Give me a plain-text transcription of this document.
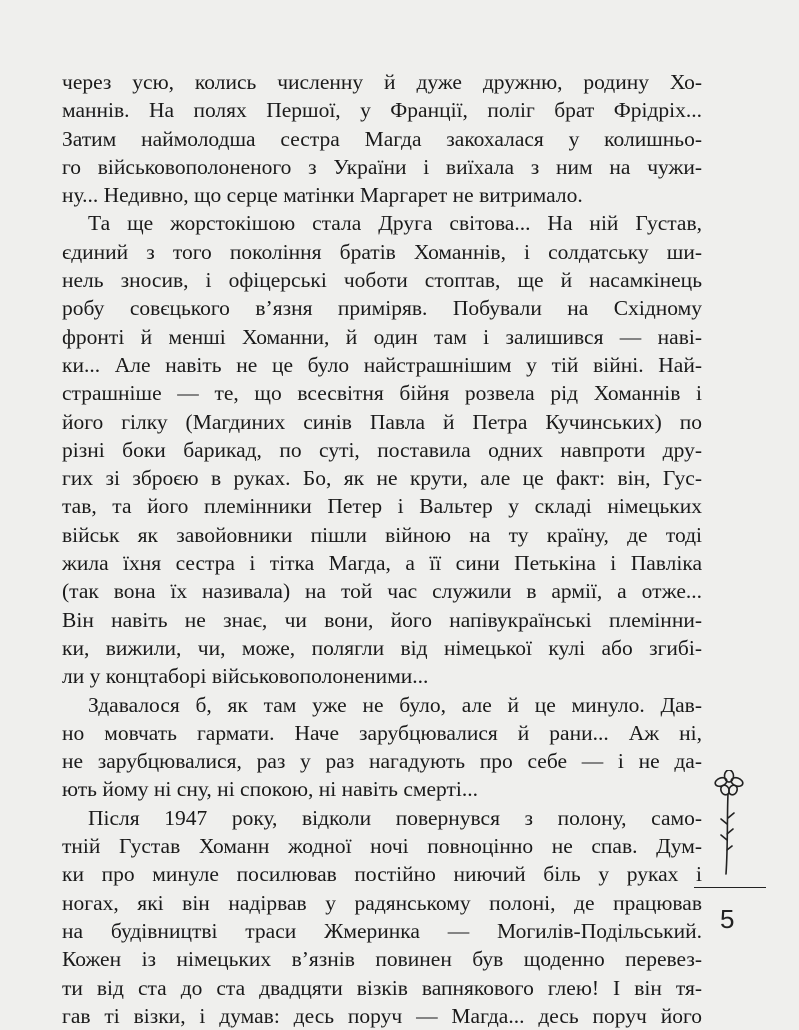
через усю, колись численну й дуже дружню, родину Хо-
маннів. На полях Першої, у Франції, поліг брат Фрідріх...
Затим наймолодша сестра Магда закохалася у колишньо-
го військовополоненого з України і виїхала з ним на чужи-
ну... Недивно, що серце матінки Маргарет не витримало.
Та ще жорстокішою стала Друга світова... На ній Густав,
єдиний з того покоління братів Хоманнів, і солдатську ши-
нель зносив, і офіцерські чоботи стоптав, ще й насамкінець
робу совєцького в’язня приміряв. Побували на Східному
фронті й менші Хоманни, й один там і залишився — наві-
ки... Але навіть не це було найстрашнішим у тій війні. Най-
страшніше — те, що всесвітня бійня розвела рід Хоманнів і
його гілку (Магдиних синів Павла й Петра Кучинських) по
різні боки барикад, по суті, поставила одних навпроти дру-
гих зі зброєю в руках. Бо, як не крути, але це факт: він, Гус-
тав, та його племінники Петер і Вальтер у складі німецьких
військ як завойовники пішли війною на ту країну, де тоді
жила їхня сестра і тітка Магда, а її сини Петькіна і Павліка
(так вона їх називала) на той час служили в армії, а отже...
Він навіть не знає, чи вони, його напівукраїнські племінни-
ки, вижили, чи, може, полягли від німецької кулі або згибі-
ли у концтаборі військовополоненими...
Здавалося б, як там уже не було, але й це минуло. Дав-
но мовчать гармати. Наче зарубцювалися й рани... Аж ні,
не зарубцювалися, раз у раз нагадують про себе — і не да-
ють йому ні сну, ні спокою, ні навіть смерті...
Після 1947 року, відколи повернувся з полону, само-
тній Густав Хоманн жодної ночі повноцінно не спав. Дум-
ки про минуле посилював постійно ниючий біль у руках і
ногах, які він надірвав у радянському полоні, де працював
на будівництві траси Жмеринка — Могилів-Подільський.
Кожен із німецьких в’язнів повинен був щоденно перевез-
ти від ста до ста двадцяти візків вапнякового глею! І він тя-
гав ті візки, і думав: десь поруч — Магда... десь поруч його
5
